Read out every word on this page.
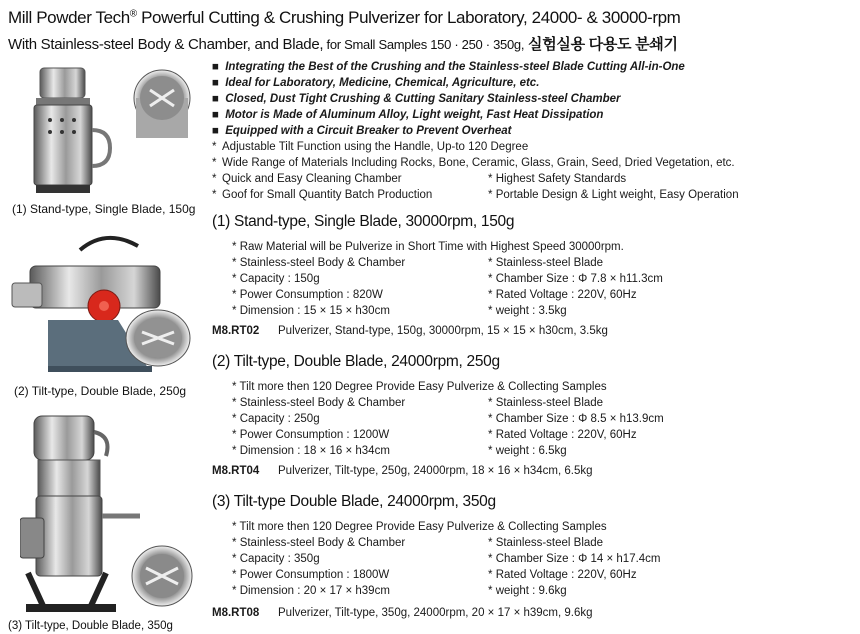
Mill Powder Tech® Powerful Cutting & Crushing Pulverizer for Laboratory, 24000- & 30000-rpm
With Stainless-steel Body & Chamber, and Blade, for Small Samples 150 · 250 · 350g, 실험실용 다용도 분쇄기
(1) Stand-type, Single Blade, 150g
(2) Tilt-type, Double Blade, 250g
(3) Tilt-type, Double Blade, 350g
■ Integrating the Best of the Crushing and the Stainless-steel Blade Cutting All-in-One
■ Ideal for Laboratory, Medicine, Chemical, Agriculture, etc.
■ Closed, Dust Tight Crushing & Cutting Sanitary Stainless-steel Chamber
■ Motor is Made of Aluminum Alloy, Light weight, Fast Heat Dissipation
■ Equipped with a Circuit Breaker to Prevent Overheat
* Adjustable Tilt Function using the Handle, Up-to 120 Degree
* Wide Range of Materials Including Rocks, Bone, Ceramic, Glass, Grain, Seed, Dried Vegetation, etc.
* Quick and Easy Cleaning Chamber	* Highest Safety Standards
* Goof for Small Quantity Batch Production	* Portable Design & Light weight, Easy Operation
(1) Stand-type, Single Blade, 30000rpm, 150g
* Raw Material will be Pulverize in Short Time with Highest Speed 30000rpm.
* Stainless-steel Body & Chamber	* Stainless-steel Blade
* Capacity : 150g	* Chamber Size : Φ 7.8 × h11.3cm
* Power Consumption : 820W	* Rated Voltage : 220V, 60Hz
* Dimension : 15 × 15 × h30cm	* weight : 3.5kg
M8.RT02 Pulverizer, Stand-type, 150g, 30000rpm, 15 × 15 × h30cm, 3.5kg
(2) Tilt-type, Double Blade, 24000rpm, 250g
* Tilt more then 120 Degree Provide Easy Pulverize & Collecting Samples
* Stainless-steel Body & Chamber	* Stainless-steel Blade
* Capacity : 250g	* Chamber Size : Φ 8.5 × h13.9cm
* Power Consumption : 1200W	* Rated Voltage : 220V, 60Hz
* Dimension : 18 × 16 × h34cm	* weight : 6.5kg
M8.RT04 Pulverizer, Tilt-type, 250g, 24000rpm, 18 × 16 × h34cm, 6.5kg
(3) Tilt-type Double Blade, 24000rpm, 350g
* Tilt more then 120 Degree Provide Easy Pulverize & Collecting Samples
* Stainless-steel Body & Chamber	* Stainless-steel Blade
* Capacity : 350g	* Chamber Size : Φ 14 × h17.4cm
* Power Consumption : 1800W	* Rated Voltage : 220V, 60Hz
* Dimension : 20 × 17 × h39cm	* weight : 9.6kg
M8.RT08 Pulverizer, Tilt-type, 350g, 24000rpm, 20 × 17 × h39cm, 9.6kg
